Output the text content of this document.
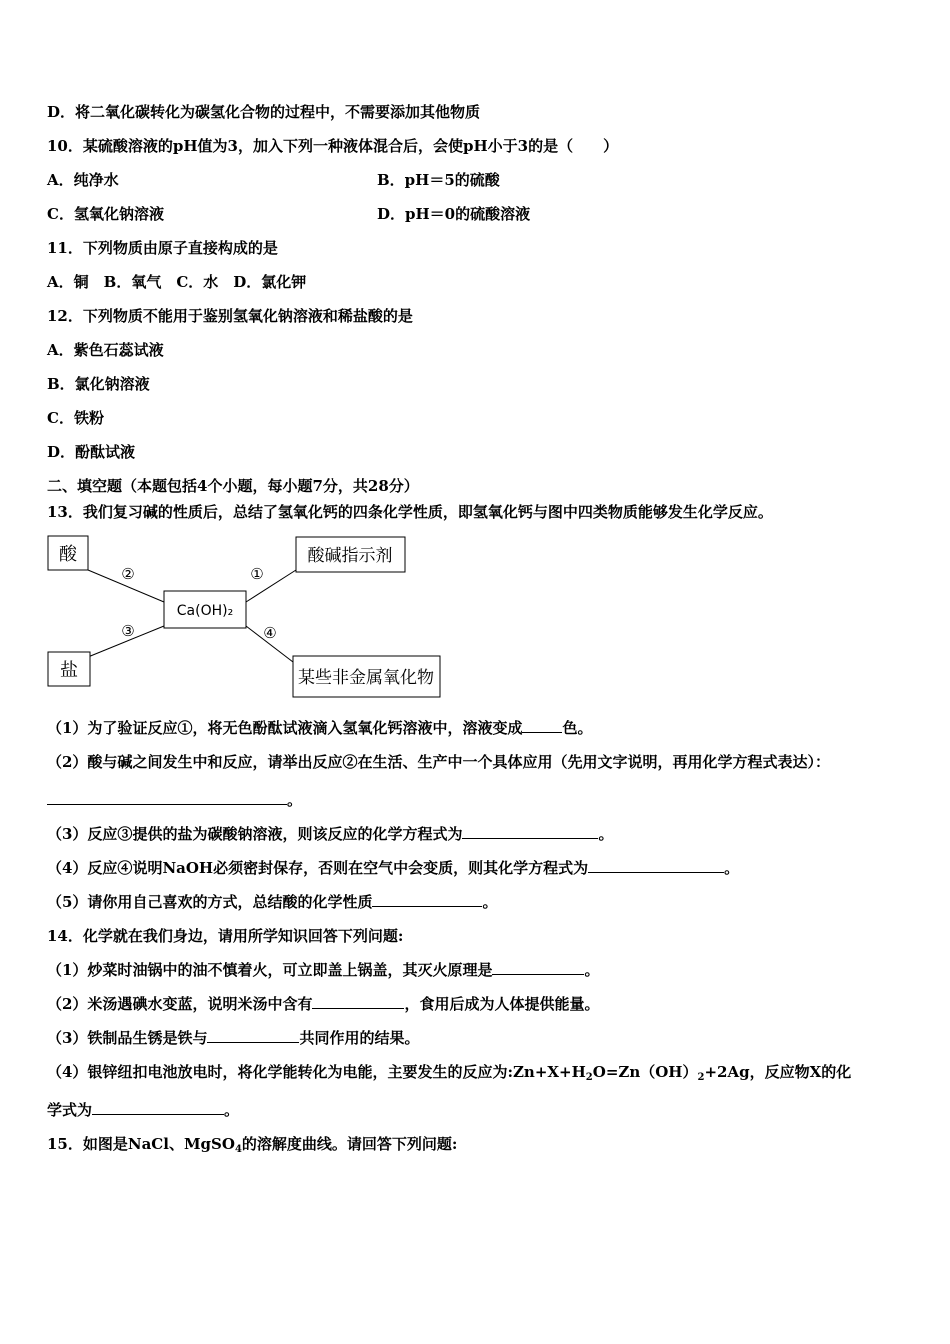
D．将二氧化碳转化为碳氢化合物的过程中，不需要添加其他物质
10．某硫酸溶液的pH值为3，加入下列一种液体混合后，会使pH小于3的是（　　）
A．纯净水	B．pH＝5的硫酸
C．氢氧化钠溶液	D．pH＝0的硫酸溶液
11．下列物质由原子直接构成的是
A．铜　B．氧气　C．水　D．氯化钾
12．下列物质不能用于鉴别氢氧化钠溶液和稀盐酸的是
A．紫色石蕊试液
B．氯化钠溶液
C．铁粉
D．酚酞试液
二、填空题（本题包括4个小题，每小题7分，共28分）
13．我们复习碱的性质后，总结了氢氧化钙的四条化学性质，即氢氧化钙与图中四类物质能够发生化学反应。
酸	酸碱指示剂
Ca(OH)₂
盐	某些非金属氧化物
①
②
③	④
（1）为了验证反应①，将无色酚酞试液滴入氢氧化钙溶液中，溶液变成	色。
（2）酸与碱之间发生中和反应，请举出反应②在生活、生产中一个具体应用（先用文字说明，再用化学方程式表达）：
。
（3）反应③提供的盐为碳酸钠溶液，则该反应的化学方程式为	。
（4）反应④说明NaOH必须密封保存，否则在空气中会变质，则其化学方程式为	。
（5）请你用自己喜欢的方式，总结酸的化学性质	。
14．化学就在我们身边，请用所学知识回答下列问题:
（1）炒菜时油锅中的油不慎着火，可立即盖上锅盖，其灭火原理是	。
（2）米汤遇碘水变蓝，说明米汤中含有	，食用后成为人体提供能量。
（3）铁制品生锈是铁与	共同作用的结果。
（4）银锌纽扣电池放电时，将化学能转化为电能，主要发生的反应为$:Zn+X+H_2O=Zn(OH)_2+2Ag$，反应物X的化
学式为	。
15．如图是NaCl、MgSO$_4$的溶解度曲线。请回答下列问题:
